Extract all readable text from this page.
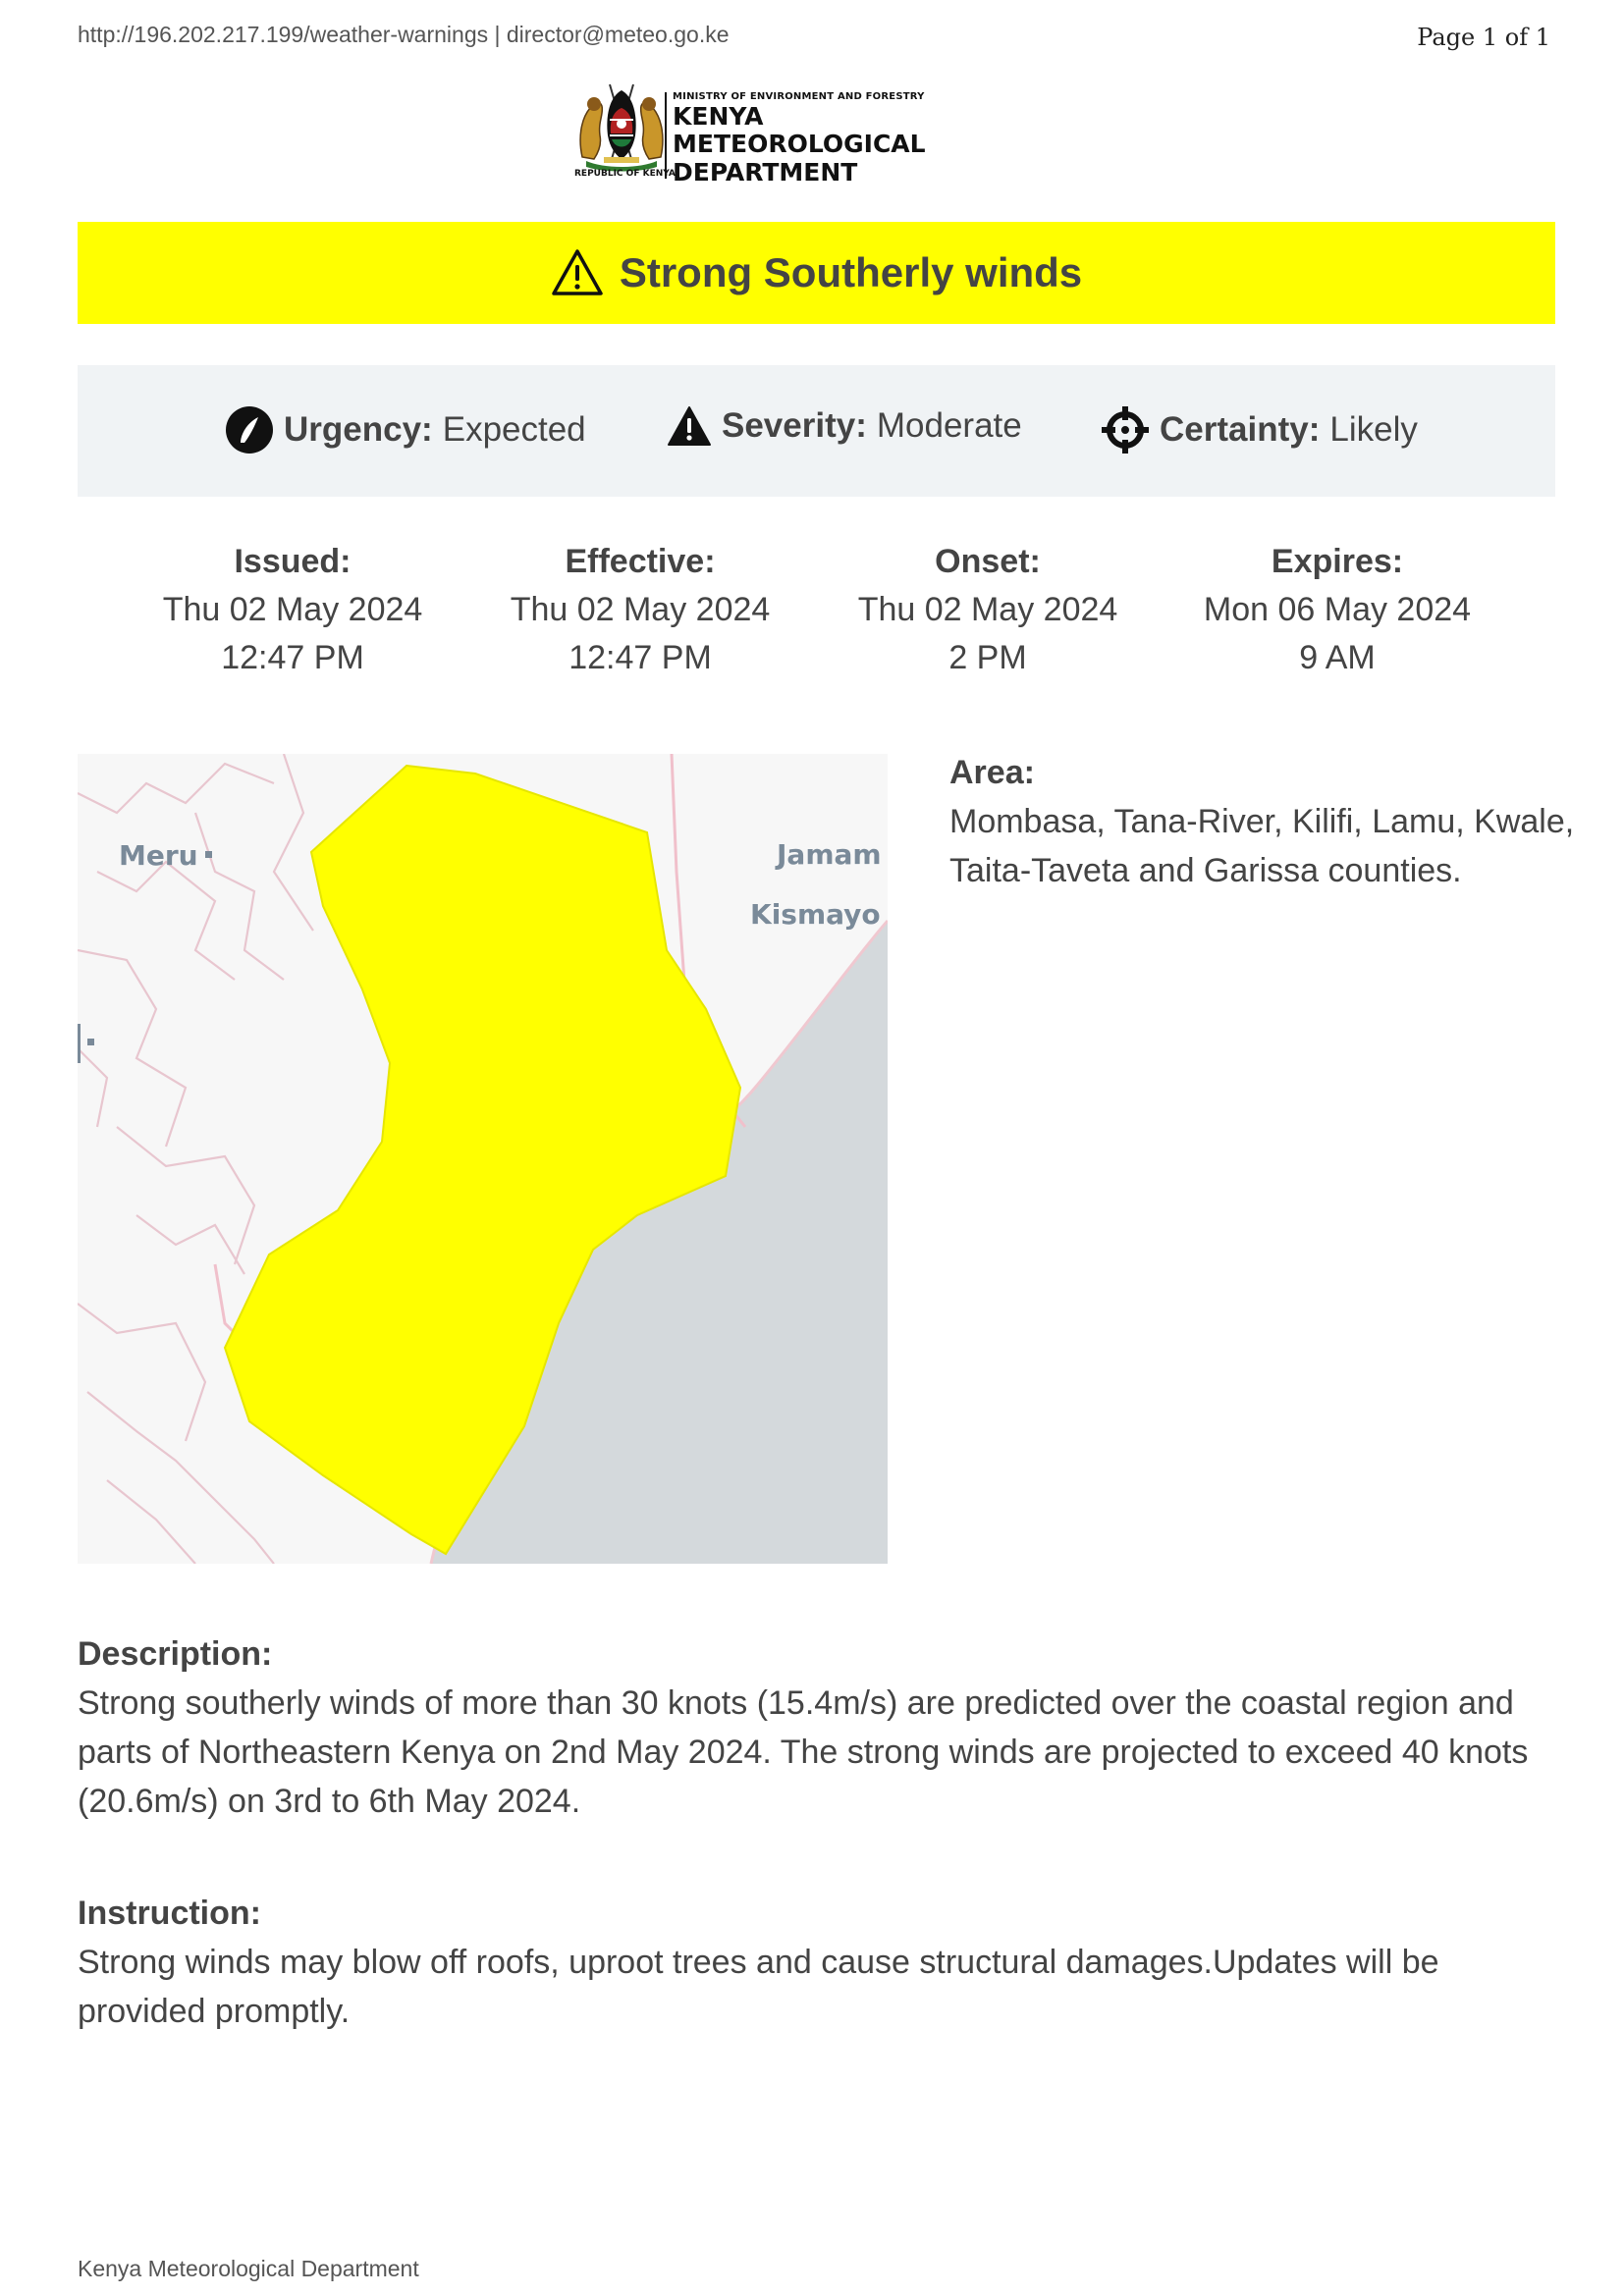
http://196.202.217.199/weather-warnings | director@meteo.go.ke	Page 1 of 1
MINISTRY OF ENVIRONMENT AND FORESTRY
KENYA METEOROLOGICAL
DEPARTMENT
REPUBLIC OF KENYA
Strong Southerly winds
Urgency: Expected	Severity: Moderate	Certainty: Likely
Issued:
Thu 02 May 2024
12:47 PM
Effective:
Thu 02 May 2024
12:47 PM
Onset:
Thu 02 May 2024
2 PM
Expires:
Mon 06 May 2024
9 AM
Meru	Jamam
Kismayo
Area:
Mombasa, Tana-River, Kilifi, Lamu, Kwale, Taita-Taveta and Garissa counties.
Description:
Strong southerly winds of more than 30 knots (15.4m/s) are predicted over the coastal region and parts of Northeastern Kenya on 2nd May 2024. The strong winds are projected to exceed 40 knots (20.6m/s) on 3rd to 6th May 2024.
Instruction:
Strong winds may blow off roofs, uproot trees and cause structural damages.Updates will be provided promptly.
Kenya Meteorological Department
